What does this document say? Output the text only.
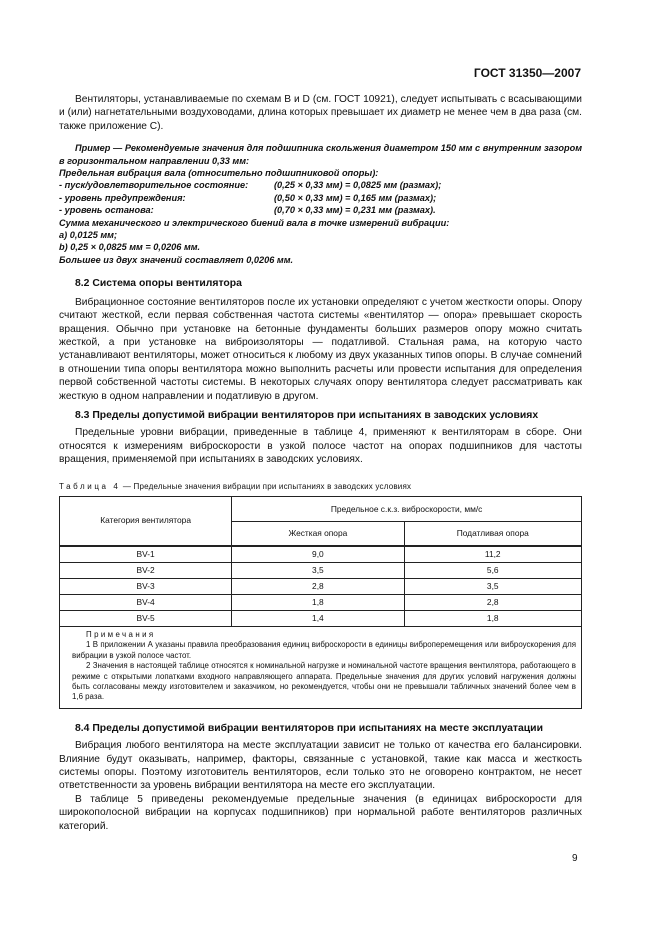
ГОСТ 31350—2007

Вентиляторы, устанавливаемые по схемам B и D (см. ГОСТ 10921), следует испытывать с всасывающими и (или) нагнетательными воздуховодами, длина которых превышает их диаметр не менее чем в два раза (см. также приложение С).

Пример — Рекомендуемые значения для подшипника скольжения диаметром 150 мм с внутренним зазором в горизонтальном направлении 0,33 мм:
Предельная вибрация вала (относительно подшипниковой опоры):
- пуск/удовлетворительное состояние:	(0,25 × 0,33 мм) = 0,0825 мм (размах);
- уровень предупреждения:	(0,50 × 0,33 мм) = 0,165 мм (размах);
- уровень останова:	(0,70 × 0,33 мм) = 0,231 мм (размах).
Сумма механического и электрического биений вала в точке измерений вибрации:
a) 0,0125 мм;
b) 0,25 × 0,0825 мм = 0,0206 мм.
Большее из двух значений составляет 0,0206 мм.
8.2 Система опоры вентилятора

Вибрационное состояние вентиляторов после их установки определяют с учетом жесткости опоры. Опору считают жесткой, если первая собственная частота системы «вентилятор — опора» превышает скорость вращения. Обычно при установке на бетонные фундаменты больших размеров опору можно считать жесткой, а при установке на виброизоляторы — податливой. Стальная рама, на которую часто устанавливают вентиляторы, может относиться к любому из двух указанных типов опоры. В случае сомнений в отношении типа опоры вентилятора можно выполнить расчеты или провести испытания для определения первой собственной частоты системы. В некоторых случаях опору вентилятора следует рассматривать как жесткую в одном направлении и податливую в другом.

8.3 Пределы допустимой вибрации вентиляторов при испытаниях в заводских условиях

Предельные уровни вибрации, приведенные в таблице 4, применяют к вентиляторам в сборе. Они относятся к измерениям виброскорости в узкой полосе частот на опорах подшипников для частоты вращения, применяемой при испытаниях в заводских условиях.

Таблица 4 — Предельные значения вибрации при испытаниях в заводских условиях
Категория вентилятора	Предельное с.к.з. виброскорости, мм/с	
	Жесткая опора	Податливая опора
BV-1	9,0	11,2
BV-2	3,5	5,6
BV-3	2,8	3,5
BV-4	1,8	2,8
BV-5	1,4	1,8

Примечания
1 В приложении А указаны правила преобразования единиц виброскорости в единицы виброперемещения или виброускорения для вибрации в узкой полосе частот.
2 Значения в настоящей таблице относятся к номинальной нагрузке и номинальной частоте вращения вентилятора, работающего в режиме с открытыми лопатками входного направляющего аппарата. Предельные значения для других условий нагружения должны быть согласованы между изготовителем и заказчиком, но рекомендуется, чтобы они не превышали табличных значений более чем в 1,6 раза.		
8.4 Пределы допустимой вибрации вентиляторов при испытаниях на месте эксплуатации

Вибрация любого вентилятора на месте эксплуатации зависит не только от качества его балансировки. Влияние будут оказывать, например, факторы, связанные с установкой, такие как масса и жесткость системы опоры. Поэтому изготовитель вентиляторов, если только это не оговорено контрактом, не несет ответственности за уровень вибрации вентилятора на месте его эксплуатации.

В таблице 5 приведены рекомендуемые предельные значения (в единицах виброскорости для широкополосной вибрации на корпусах подшипников) при нормальной работе вентиляторов различных категорий.

9
